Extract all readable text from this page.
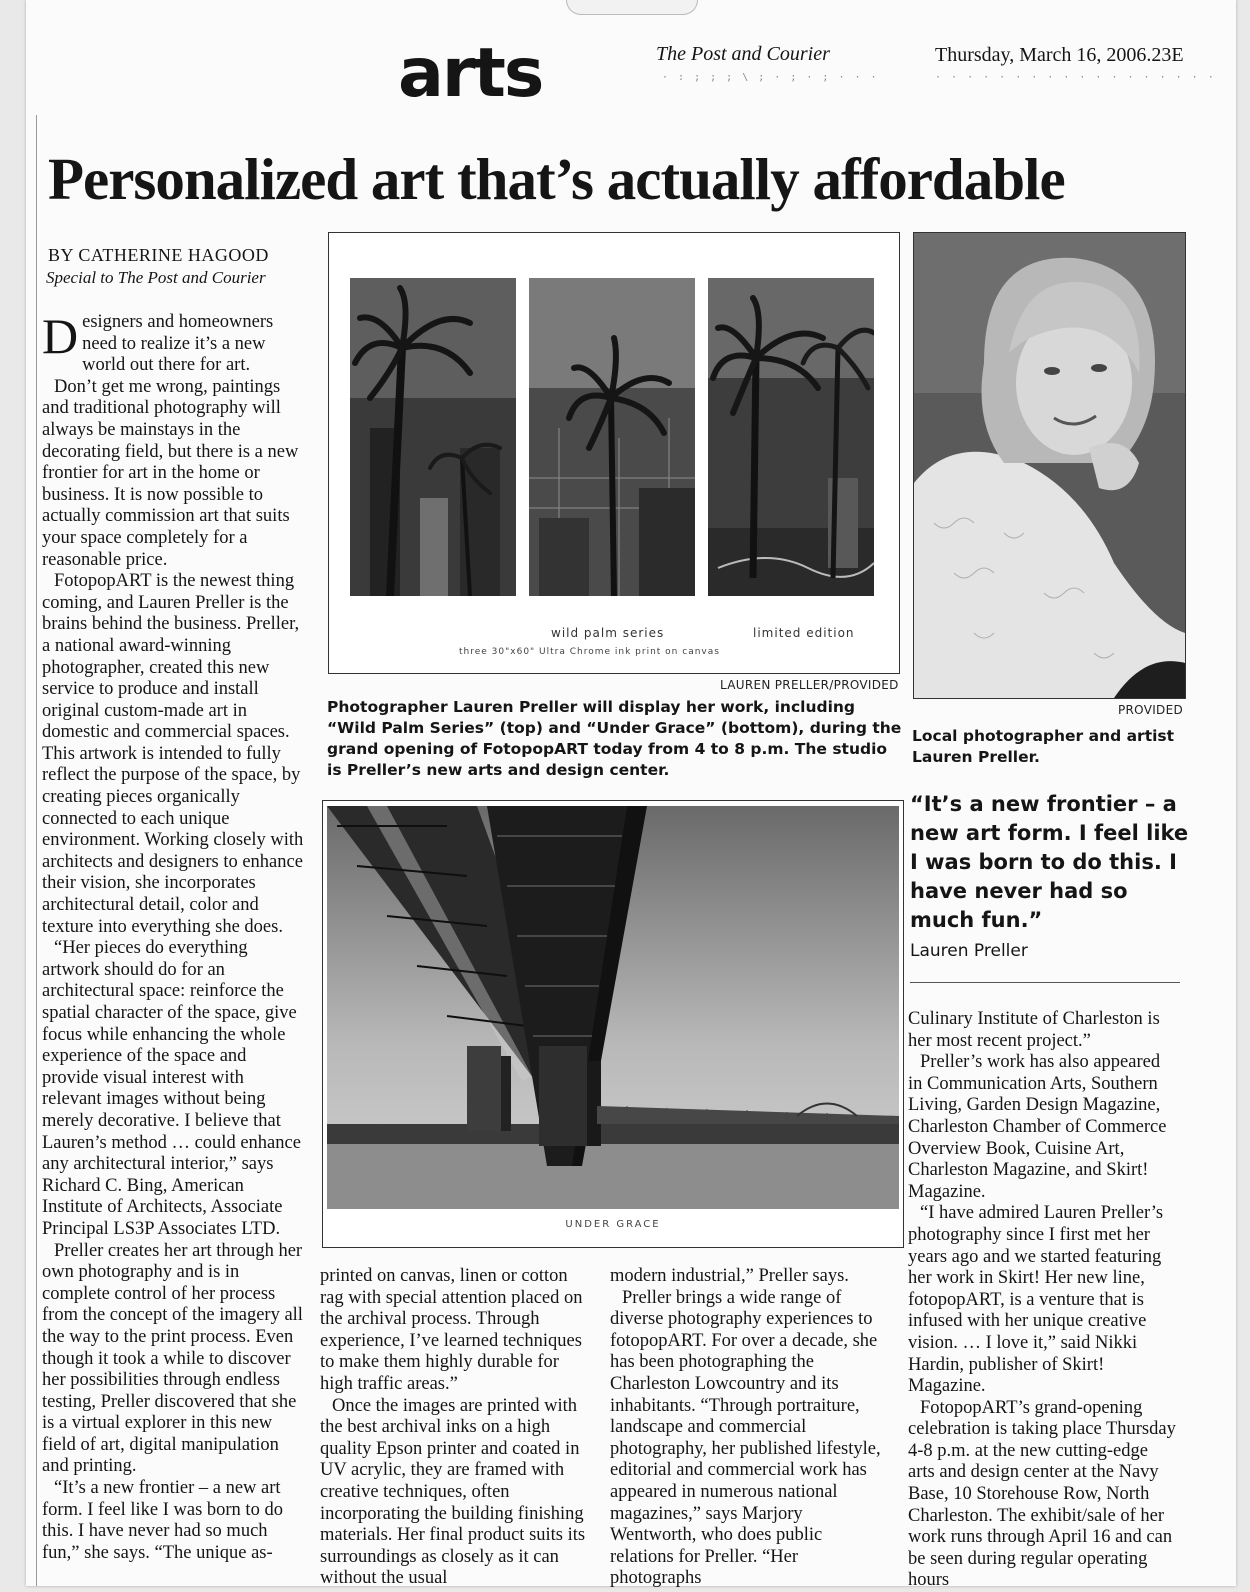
arts	The Post and Courier	Thursday, March 16, 2006.23E
· : ; ; ; \ ; · ; · ; · · ·	· · · · · · · · · · · · · · · · · ·
Personalized art that’s actually affordable
BY CATHERINE HAGOOD
Special to The Post and Courier

Designers and homeowners need to realize it’s a new world out there for art.

Don’t get me wrong, paintings and traditional photography will always be mainstays in the decorating field, but there is a new frontier for art in the home or business. It is now possible to actually commission art that suits your space completely for a reasonable price.

FotopopART is the newest thing coming, and Lauren Preller is the brains behind the business. Preller, a national award-winning photographer, created this new service to produce and install original custom-made art in domestic and commercial spaces. This artwork is intended to fully reflect the purpose of the space, by creating pieces organically connected to each unique environment. Working closely with architects and designers to enhance their vision, she incorporates architectural detail, color and texture into everything she does.

“Her pieces do everything artwork should do for an architectural space: reinforce the spatial character of the space, give focus while enhancing the whole experience of the space and provide visual interest with relevant images without being merely decorative. I believe that Lauren’s method … could enhance any architectural interior,” says Richard C. Bing, American Institute of Architects, Associate Principal LS3P Associates LTD.

Preller creates her art through her own photography and is in complete control of her process from the concept of the imagery all the way to the print process. Even though it took a while to discover her possibilities through endless testing, Preller discovered that she is a virtual explorer in this new field of art, digital manipulation and printing.

“It’s a new frontier – a new art form. I feel like I was born to do this. I have never had so much fun,” she says. “The unique as-

wild palm series	limited edition
three 30"x60" Ultra Chrome ink print on canvas
LAUREN PRELLER/PROVIDED
Photographer Lauren Preller will display her work, including “Wild Palm Series” (top) and “Under Grace” (bottom), during the grand opening of FotopopART today from 4 to 8 p.m. The studio is Preller’s new arts and design center.
PROVIDED
Local photographer and artist Lauren Preller.
“It’s a new frontier – a new art form. I feel like I was born to do this. I have never had so much fun.”
Lauren Preller
UNDER GRACE

printed on canvas, linen or cotton rag with special attention placed on the archival process. Through experience, I’ve learned techniques to make them highly durable for high traffic areas.”

Once the images are printed with the best archival inks on a high quality Epson printer and coated in UV acrylic, they are framed with creative techniques, often incorporating the building finishing materials. Her final product suits its surroundings as closely as it can without the usual

modern industrial,” Preller says.

Preller brings a wide range of diverse photography experiences to fotopopART. For over a decade, she has been photographing the Charleston Lowcountry and its inhabitants. “Through portraiture, landscape and commercial photography, her published lifestyle, editorial and commercial work has appeared in numerous national magazines,” says Marjory Wentworth, who does public relations for Preller. “Her photographs

Culinary Institute of Charleston is her most recent project.”

Preller’s work has also appeared in Communication Arts, Southern Living, Garden Design Magazine, Charleston Chamber of Commerce Overview Book, Cuisine Art, Charleston Magazine, and Skirt! Magazine.

“I have admired Lauren Preller’s photography since I first met her years ago and we started featuring her work in Skirt! Her new line, fotopopART, is a venture that is infused with her unique creative vision. … I love it,” said Nikki Hardin, publisher of Skirt! Magazine.

FotopopART’s grand-opening celebration is taking place Thursday 4-8 p.m. at the new cutting-edge arts and design center at the Navy Base, 10 Storehouse Row, North Charleston. The exhibit/sale of her work runs through April 16 and can be seen during regular operating hours
